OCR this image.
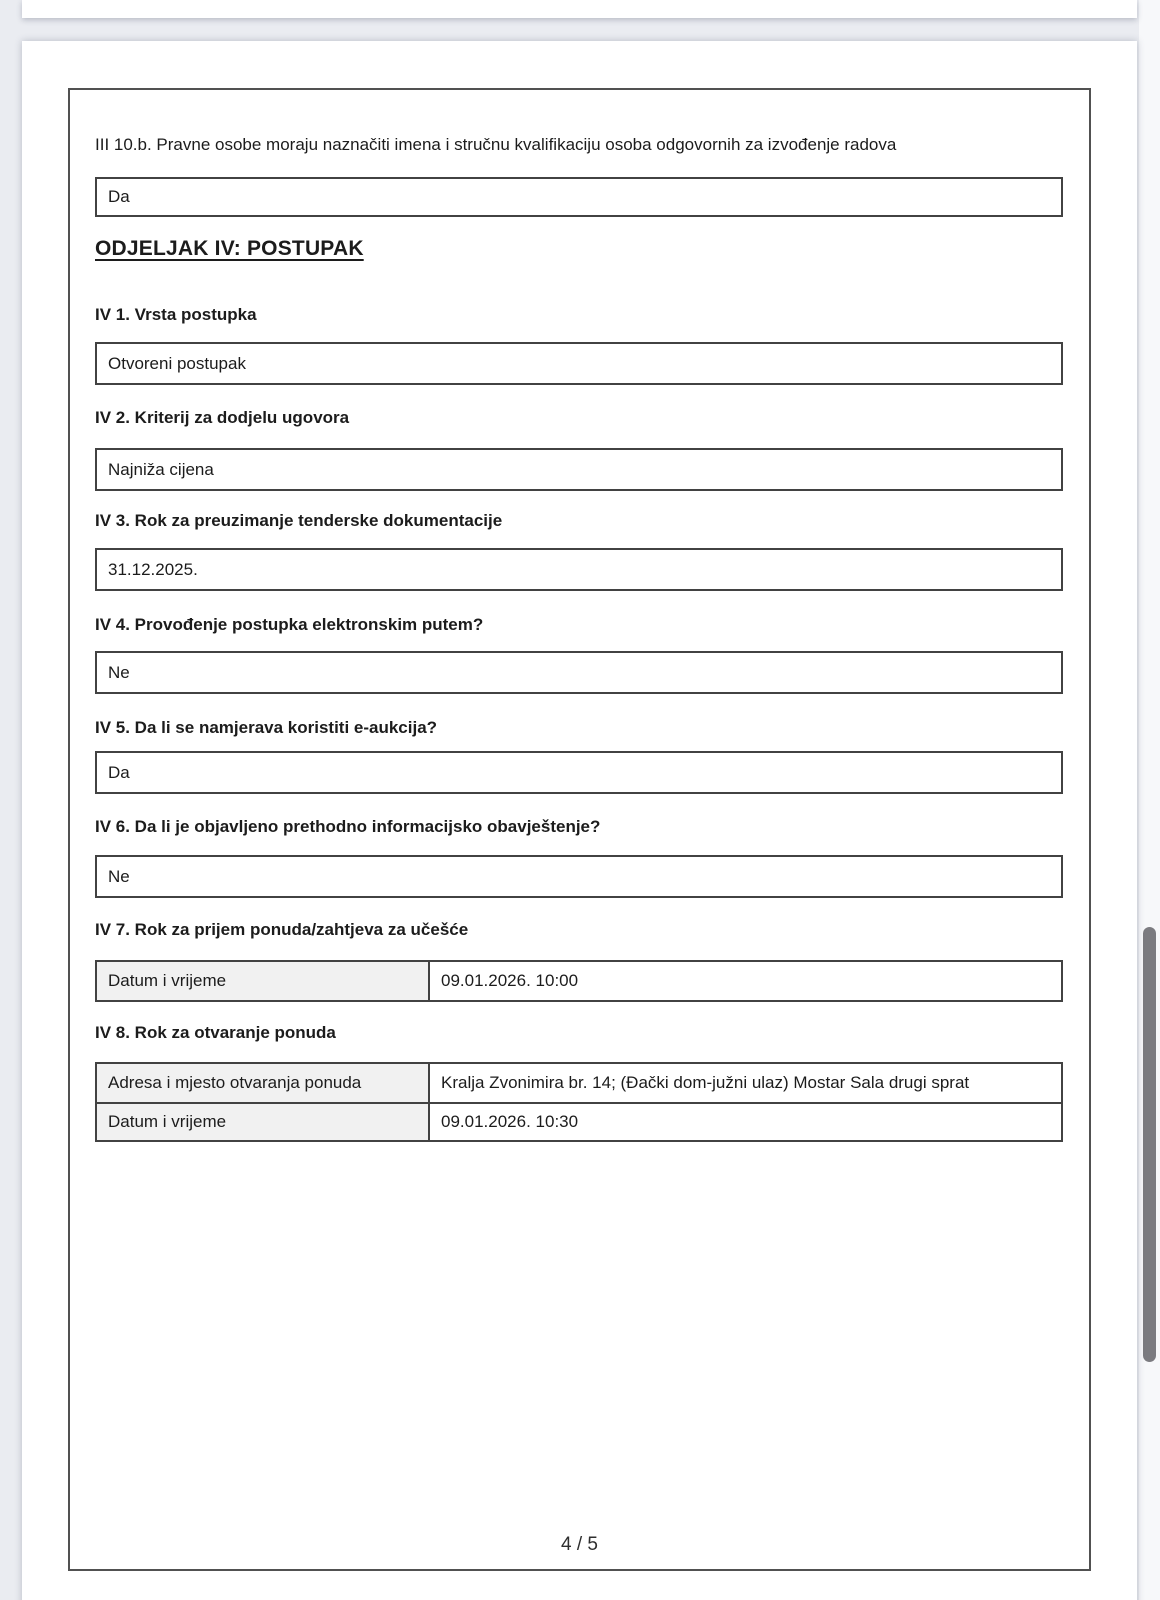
III 10.b. Pravne osobe moraju naznačiti imena i stručnu kvalifikaciju osoba odgovornih za izvođenje radova
Da
ODJELJAK IV: POSTUPAK
IV 1. Vrsta postupka
Otvoreni postupak
IV 2. Kriterij za dodjelu ugovora
Najniža cijena
IV 3. Rok za preuzimanje tenderske dokumentacije
31.12.2025.
IV 4. Provođenje postupka elektronskim putem?
Ne
IV 5. Da li se namjerava koristiti e-aukcija?
Da
IV 6. Da li je objavljeno prethodno informacijsko obavještenje?
Ne
IV 7. Rok za prijem ponuda/zahtjeva za učešće
Datum i vrijeme	09.01.2026. 10:00
IV 8. Rok za otvaranje ponuda
Adresa i mjesto otvaranja ponuda	Kralja Zvonimira br. 14; (Đački dom-južni ulaz) Mostar Sala drugi sprat
Datum i vrijeme	09.01.2026. 10:30
4 / 5
